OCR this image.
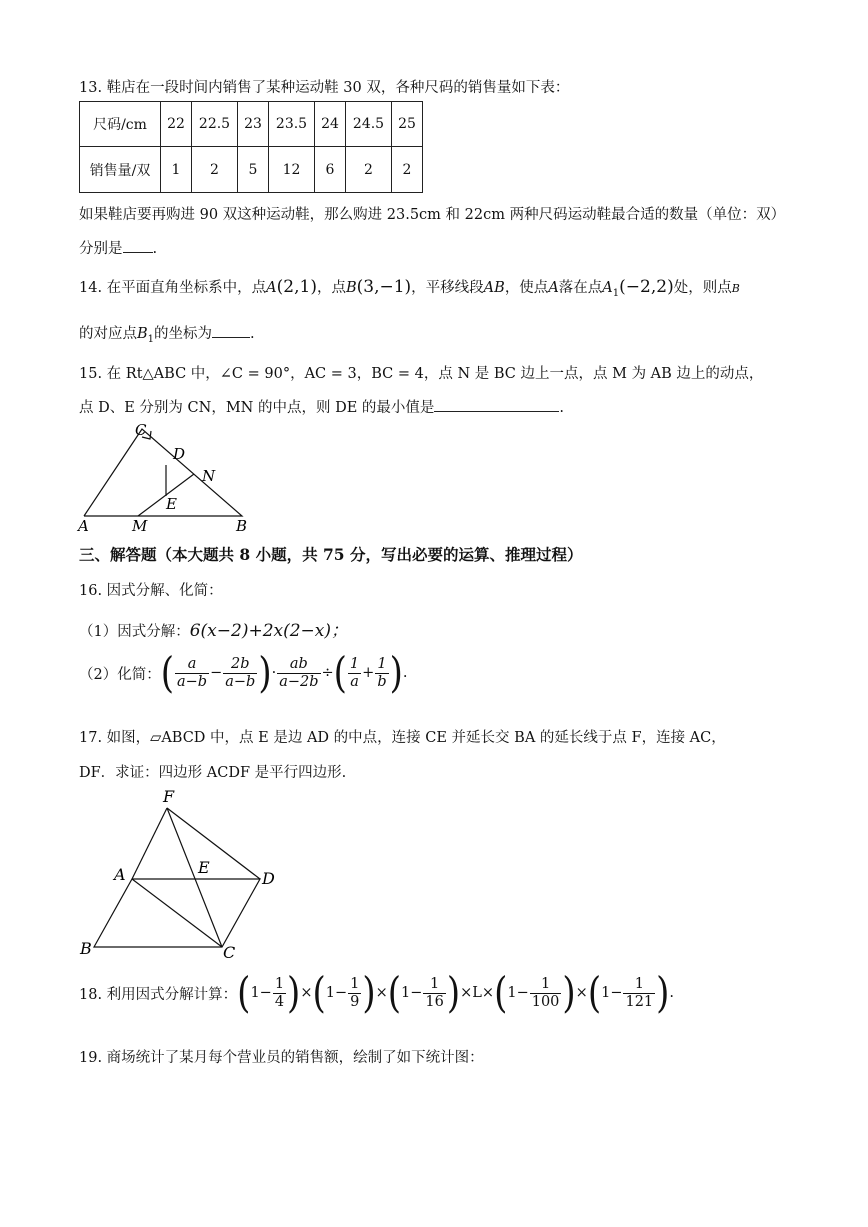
13. 鞋店在一段时间内销售了某种运动鞋 30 双，各种尺码的销售量如下表：
尺码/cm	22	22.5	23	23.5	24	24.5	25
销售量/双	1	2	5	12	6	2	2
如果鞋店要再购进 90 双这种运动鞋，那么购进 23.5cm 和 22cm 两种尺码运动鞋最合适的数量（单位：双）
分别是 .
14. 在平面直角坐标系中，点A(2,1)，点B(3,−1)，平移线段AB，使点A落在点$A_1(-2,2)$处，则点B
的对应点$B_1$的坐标为	.
15. 在 Rt△ABC 中，∠C = 90°，AC = 3，BC = 4，点 N 是 BC 边上一点，点 M 为 AB 边上的动点，
点 D、E 分别为 CN，MN 的中点，则 DE 的最小值是	.
C
D
N
E
A	M	B
三、解答题（本大题共 8 小题，共 75 分，写出必要的运算、推理过程）
16. 因式分解、化简：
（1）因式分解：6(x−2)+2x(2−x)；
（2）化简： ( $\frac{a}{a-b} - \frac{2b}{a-b}$ ) · $\frac{ab}{a-2b}$ ÷ ( $\frac{1}{a} + \frac{1}{b}$ ) .
17. 如图，▱ABCD 中，点 E 是边 AD 的中点，连接 CE 并延长交 BA 的延长线于点 F，连接 AC，
DF．求证：四边形 ACDF 是平行四边形.
F
A	E
D
B	C
18. 利用因式分解计算： ( $1- \frac{1}{4}$ ) × ( $1- \frac{1}{9}$ ) × ( $1- \frac{1}{16}$ ) × L × ( $1- \frac{1}{100}$ ) × ( $1- \frac{1}{121}$ ) .
19. 商场统计了某月每个营业员的销售额，绘制了如下统计图：
